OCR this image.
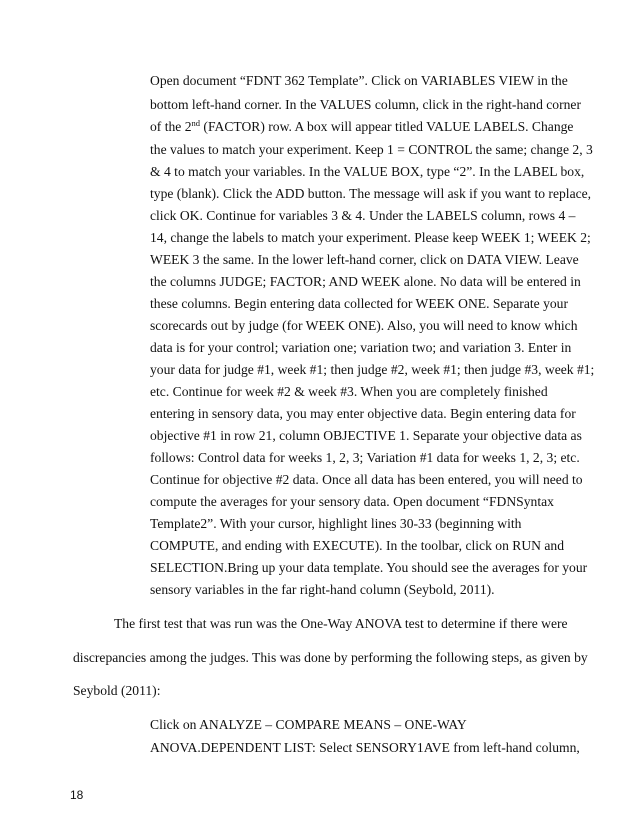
Open document “FDNT 362 Template”. Click on VARIABLES VIEW in the
bottom left-hand corner. In the VALUES column, click in the right-hand corner
of the 2nd (FACTOR) row. A box will appear titled VALUE LABELS. Change
the values to match your experiment. Keep 1 = CONTROL the same; change 2, 3
& 4 to match your variables. In the VALUE BOX, type “2”. In the LABEL box,
type (blank). Click the ADD button. The message will ask if you want to replace,
click OK. Continue for variables 3 & 4. Under the LABELS column, rows 4 –
14, change the labels to match your experiment. Please keep WEEK 1; WEEK 2;
WEEK 3 the same. In the lower left-hand corner, click on DATA VIEW. Leave
the columns JUDGE; FACTOR; AND WEEK alone. No data will be entered in
these columns. Begin entering data collected for WEEK ONE. Separate your
scorecards out by judge (for WEEK ONE). Also, you will need to know which
data is for your control; variation one; variation two; and variation 3. Enter in
your data for judge #1, week #1; then judge #2, week #1; then judge #3, week #1;
etc. Continue for week #2 & week #3. When you are completely finished
entering in sensory data, you may enter objective data. Begin entering data for
objective #1 in row 21, column OBJECTIVE 1. Separate your objective data as
follows: Control data for weeks 1, 2, 3; Variation #1 data for weeks 1, 2, 3; etc.
Continue for objective #2 data. Once all data has been entered, you will need to
compute the averages for your sensory data. Open document “FDNSyntax
Template2”. With your cursor, highlight lines 30-33 (beginning with
COMPUTE, and ending with EXECUTE). In the toolbar, click on RUN and
SELECTION.Bring up your data template. You should see the averages for your
sensory variables in the far right-hand column (Seybold, 2011).
The first test that was run was the One-Way ANOVA test to determine if there were
discrepancies among the judges. This was done by performing the following steps, as given by
Seybold (2011):
Click on ANALYZE – COMPARE MEANS – ONE-WAY
ANOVA.DEPENDENT LIST: Select SENSORY1AVE from left-hand column,
18
